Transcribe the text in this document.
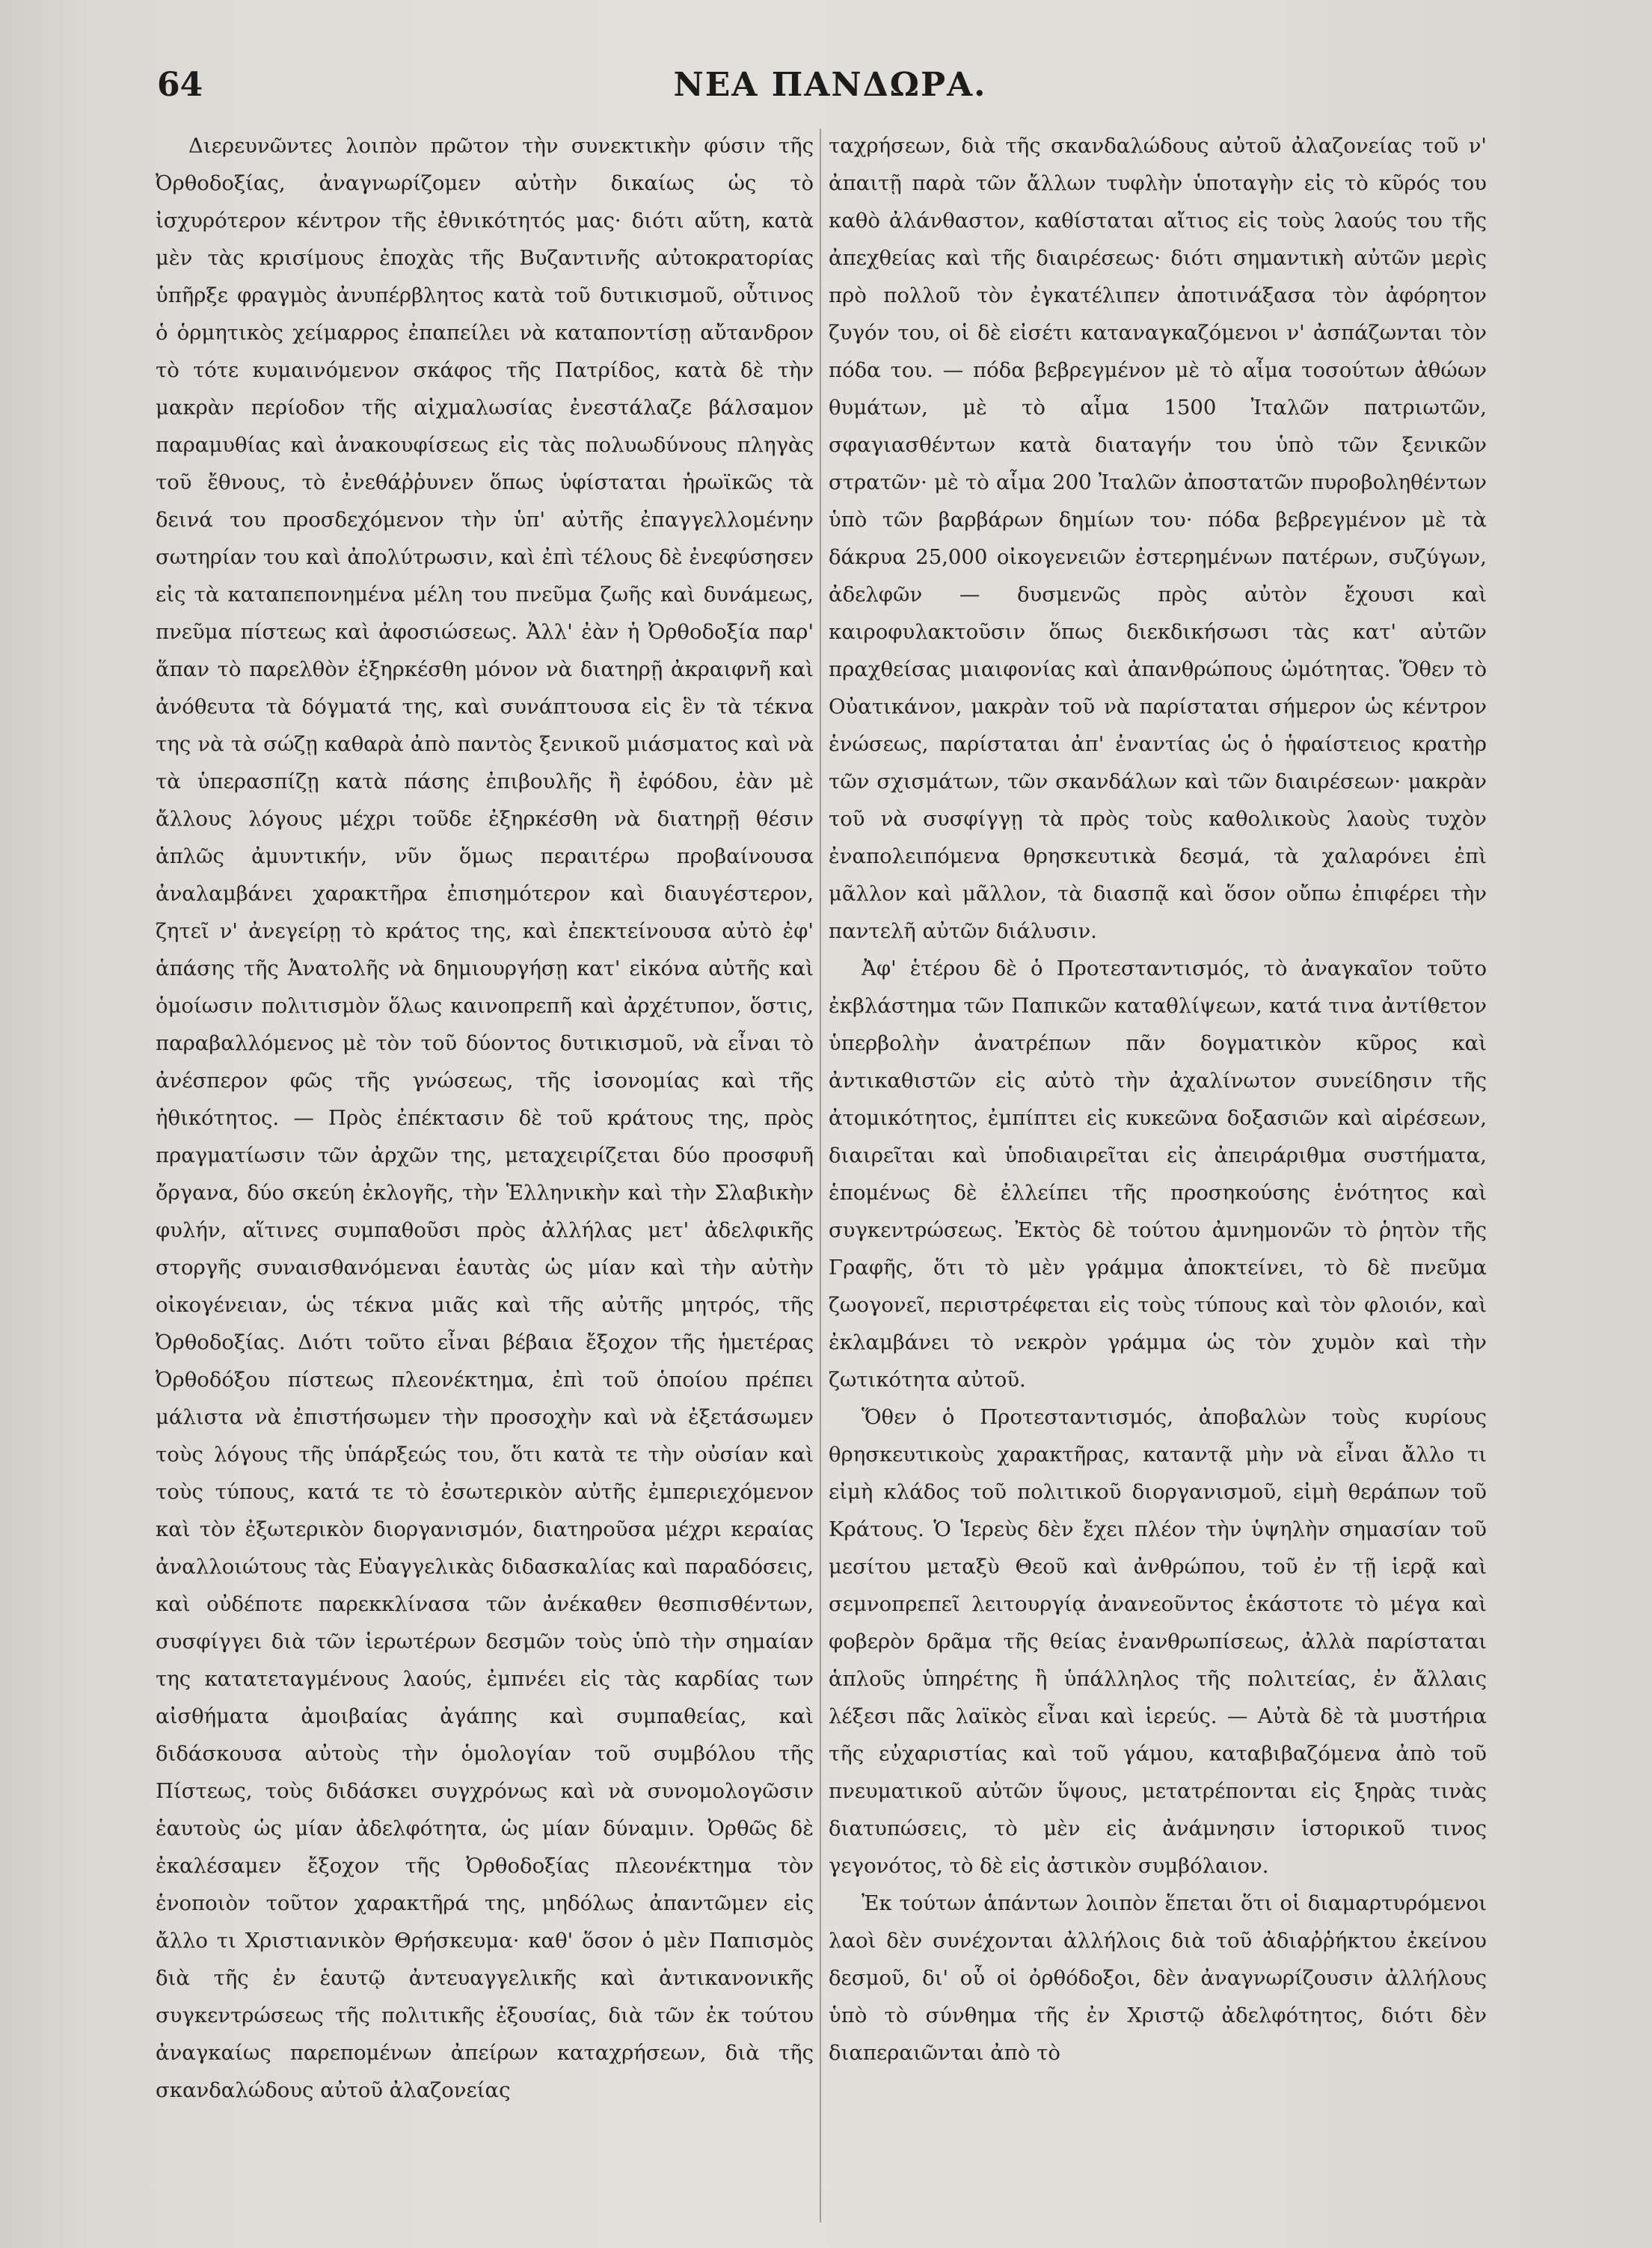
64	ΝΕΑ ΠΑΝΔΩΡΑ.

Διερευνῶντες λοιπὸν πρῶτον τὴν συνεκτικὴν φύσιν τῆς Ὀρθοδοξίας, ἀναγνωρίζομεν αὐτὴν δικαίως ὡς τὸ ἰσχυρότερον κέντρον τῆς ἐθνικότητός μας· διότι αὕτη, κατὰ μὲν τὰς κρισίμους ἐποχὰς τῆς Βυζαντινῆς αὐτοκρατορίας ὑπῆρξε φραγμὸς ἀνυπέρβλητος κατὰ τοῦ δυτικισμοῦ, οὗτινος ὁ ὁρμητικὸς χείμαρρος ἐπαπείλει νὰ καταποντίσῃ αὔτανδρον τὸ τότε κυμαινόμενον σκάφος τῆς Πατρίδος, κατὰ δὲ τὴν μακρὰν περίοδον τῆς αἰχμαλωσίας ἐνεστάλαζε βάλσαμον παραμυθίας καὶ ἀνακουφίσεως εἰς τὰς πολυωδύνους πληγὰς τοῦ ἔθνους, τὸ ἐνεθάῤῥυνεν ὅπως ὑφίσταται ἡρωϊκῶς τὰ δεινά του προσδεχόμενον τὴν ὑπ' αὐτῆς ἐπαγγελλομένην σωτηρίαν του καὶ ἀπολύτρωσιν, καὶ ἐπὶ τέλους δὲ ἐνεφύσησεν εἰς τὰ καταπεπονημένα μέλη του πνεῦμα ζωῆς καὶ δυνάμεως, πνεῦμα πίστεως καὶ ἀφοσιώσεως. Ἀλλ' ἐὰν ἡ Ὀρθοδοξία παρ' ἅπαν τὸ παρελθὸν ἐξηρκέσθη μόνον νὰ διατηρῇ ἀκραιφνῆ καὶ ἀνόθευτα τὰ δόγματά της, καὶ συνάπτουσα εἰς ἓν τὰ τέκνα της νὰ τὰ σώζῃ καθαρὰ ἀπὸ παντὸς ξενικοῦ μιάσματος καὶ νὰ τὰ ὑπερασπίζῃ κατὰ πάσης ἐπιβουλῆς ἢ ἐφόδου, ἐὰν μὲ ἄλλους λόγους μέχρι τοῦδε ἐξηρκέσθη νὰ διατηρῇ θέσιν ἁπλῶς ἀμυντικήν, νῦν ὅμως περαιτέρω προβαίνουσα ἀναλαμβάνει χαρακτῆρα ἐπισημότερον καὶ διαυγέστερον, ζητεῖ ν' ἀνεγείρῃ τὸ κράτος της, καὶ ἐπεκτείνουσα αὐτὸ ἐφ' ἁπάσης τῆς Ἀνατολῆς νὰ δημιουργήσῃ κατ' εἰκόνα αὐτῆς καὶ ὁμοίωσιν πολιτισμὸν ὅλως καινοπρεπῆ καὶ ἀρχέτυπον, ὅστις, παραβαλλόμενος μὲ τὸν τοῦ δύοντος δυτικισμοῦ, νὰ εἶναι τὸ ἀνέσπερον φῶς τῆς γνώσεως, τῆς ἰσονομίας καὶ τῆς ἠθικότητος. — Πρὸς ἐπέκτασιν δὲ τοῦ κράτους της, πρὸς πραγματίωσιν τῶν ἀρχῶν της, μεταχειρίζεται δύο προσφυῆ ὄργανα, δύο σκεύη ἐκλογῆς, τὴν Ἑλληνικὴν καὶ τὴν Σλαβικὴν φυλήν, αἵτινες συμπαθοῦσι πρὸς ἀλλήλας μετ' ἀδελφικῆς στοργῆς συναισθανόμεναι ἑαυτὰς ὡς μίαν καὶ τὴν αὐτὴν οἰκογένειαν, ὡς τέκνα μιᾶς καὶ τῆς αὐτῆς μητρός, τῆς Ὀρθοδοξίας. Διότι τοῦτο εἶναι βέβαια ἔξοχον τῆς ἡμετέρας Ὀρθοδόξου πίστεως πλεονέκτημα, ἐπὶ τοῦ ὁποίου πρέπει μάλιστα νὰ ἐπιστήσωμεν τὴν προσοχὴν καὶ νὰ ἐξετάσωμεν τοὺς λόγους τῆς ὑπάρξεώς του, ὅτι κατὰ τε τὴν οὐσίαν καὶ τοὺς τύπους, κατά τε τὸ ἐσωτερικὸν αὐτῆς ἐμπεριεχόμενον καὶ τὸν ἐξωτερικὸν διοργανισμόν, διατηροῦσα μέχρι κεραίας ἀναλλοιώτους τὰς Εὐαγγελικὰς διδασκαλίας καὶ παραδόσεις, καὶ οὐδέποτε παρεκκλίνασα τῶν ἀνέκαθεν θεσπισθέντων, συσφίγγει διὰ τῶν ἱερωτέρων δεσμῶν τοὺς ὑπὸ τὴν σημαίαν της κατατεταγμένους λαούς, ἐμπνέει εἰς τὰς καρδίας των αἰσθήματα ἀμοιβαίας ἀγάπης καὶ συμπαθείας, καὶ διδάσκουσα αὐτοὺς τὴν ὁμολογίαν τοῦ συμβόλου τῆς Πίστεως, τοὺς διδάσκει συγχρόνως καὶ νὰ συνομολογῶσιν ἑαυτοὺς ὡς μίαν ἀδελφότητα, ὡς μίαν δύναμιν. Ὀρθῶς δὲ ἐκαλέσαμεν ἔξοχον τῆς Ὀρθοδοξίας πλεονέκτημα τὸν ἑνοποιὸν τοῦτον χαρακτῆρά της, μηδόλως ἀπαντῶμεν εἰς ἄλλο τι Χριστιανικὸν Θρήσκευμα· καθ' ὅσον ὁ μὲν Παπισμὸς διὰ τῆς ἐν ἑαυτῷ ἀντευαγγελικῆς καὶ ἀντικανονικῆς συγκεντρώσεως τῆς πολιτικῆς ἐξουσίας, διὰ τῶν ἐκ τούτου ἀναγκαίως παρεπομένων ἀπείρων καταχρήσεων, διὰ τῆς σκανδαλώδους αὐτοῦ ἀλαζονείας

ταχρήσεων, διὰ τῆς σκανδαλώδους αὐτοῦ ἀλαζονείας τοῦ ν' ἀπαιτῇ παρὰ τῶν ἄλλων τυφλὴν ὑποταγὴν εἰς τὸ κῦρός του καθὸ ἀλάνθαστον, καθίσταται αἴτιος εἰς τοὺς λαούς του τῆς ἀπεχθείας καὶ τῆς διαιρέσεως· διότι σημαντικὴ αὐτῶν μερὶς πρὸ πολλοῦ τὸν ἐγκατέλιπεν ἀποτινάξασα τὸν ἀφόρητον ζυγόν του, οἱ δὲ εἰσέτι καταναγκαζόμενοι ν' ἀσπάζωνται τὸν πόδα του. — πόδα βεβρεγμένον μὲ τὸ αἷμα τοσούτων ἀθώων θυμάτων, μὲ τὸ αἷμα 1500 Ἰταλῶν πατριωτῶν, σφαγιασθέντων κατὰ διαταγήν του ὑπὸ τῶν ξενικῶν στρατῶν· μὲ τὸ αἷμα 200 Ἰταλῶν ἀποστατῶν πυροβοληθέντων ὑπὸ τῶν βαρβάρων δημίων του· πόδα βεβρεγμένον μὲ τὰ δάκρυα 25,000 οἰκογενειῶν ἐστερημένων πατέρων, συζύγων, ἀδελφῶν — δυσμενῶς πρὸς αὐτὸν ἔχουσι καὶ καιροφυλακτοῦσιν ὅπως διεκδικήσωσι τὰς κατ' αὐτῶν πραχθείσας μιαιφονίας καὶ ἀπανθρώπους ὠμότητας. Ὅθεν τὸ Οὐατικάνον, μακρὰν τοῦ νὰ παρίσταται σήμερον ὡς κέντρον ἑνώσεως, παρίσταται ἀπ' ἐναντίας ὡς ὁ ἡφαίστειος κρατὴρ τῶν σχισμάτων, τῶν σκανδάλων καὶ τῶν διαιρέσεων· μακρὰν τοῦ νὰ συσφίγγῃ τὰ πρὸς τοὺς καθολικοὺς λαοὺς τυχὸν ἐναπολειπόμενα θρησκευτικὰ δεσμά, τὰ χαλαρόνει ἐπὶ μᾶλλον καὶ μᾶλλον, τὰ διασπᾷ καὶ ὅσον οὔπω ἐπιφέρει τὴν παντελῆ αὐτῶν διάλυσιν.

Ἀφ' ἑτέρου δὲ ὁ Προτεσταντισμός, τὸ ἀναγκαῖον τοῦτο ἐκβλάστημα τῶν Παπικῶν καταθλίψεων, κατά τινα ἀντίθετον ὑπερβολὴν ἀνατρέπων πᾶν δογματικὸν κῦρος καὶ ἀντικαθιστῶν εἰς αὐτὸ τὴν ἀχαλίνωτον συνείδησιν τῆς ἀτομικότητος, ἐμπίπτει εἰς κυκεῶνα δοξασιῶν καὶ αἱρέσεων, διαιρεῖται καὶ ὑποδιαιρεῖται εἰς ἀπειράριθμα συστήματα, ἑπομένως δὲ ἐλλείπει τῆς προσηκούσης ἑνότητος καὶ συγκεντρώσεως. Ἐκτὸς δὲ τούτου ἀμνημονῶν τὸ ῥητὸν τῆς Γραφῆς, ὅτι τὸ μὲν γράμμα ἀποκτείνει, τὸ δὲ πνεῦμα ζωογονεῖ, περιστρέφεται εἰς τοὺς τύπους καὶ τὸν φλοιόν, καὶ ἐκλαμβάνει τὸ νεκρὸν γράμμα ὡς τὸν χυμὸν καὶ τὴν ζωτικότητα αὐτοῦ.

Ὅθεν ὁ Προτεσταντισμός, ἀποβαλὼν τοὺς κυρίους θρησκευτικοὺς χαρακτῆρας, καταντᾷ μὴν νὰ εἶναι ἄλλο τι εἰμὴ κλάδος τοῦ πολιτικοῦ διοργανισμοῦ, εἰμὴ θεράπων τοῦ Κράτους. Ὁ Ἱερεὺς δὲν ἔχει πλέον τὴν ὑψηλὴν σημασίαν τοῦ μεσίτου μεταξὺ Θεοῦ καὶ ἀνθρώπου, τοῦ ἐν τῇ ἱερᾷ καὶ σεμνοπρεπεῖ λειτουργίᾳ ἀνανεοῦντος ἑκάστοτε τὸ μέγα καὶ φοβερὸν δρᾶμα τῆς θείας ἐνανθρωπίσεως, ἀλλὰ παρίσταται ἁπλοῦς ὑπηρέτης ἢ ὑπάλληλος τῆς πολιτείας, ἐν ἄλλαις λέξεσι πᾶς λαϊκὸς εἶναι καὶ ἱερεύς. — Αὐτὰ δὲ τὰ μυστήρια τῆς εὐχαριστίας καὶ τοῦ γάμου, καταβιβαζόμενα ἀπὸ τοῦ πνευματικοῦ αὐτῶν ὕψους, μετατρέπονται εἰς ξηρὰς τινὰς διατυπώσεις, τὸ μὲν εἰς ἀνάμνησιν ἱστορικοῦ τινος γεγονότος, τὸ δὲ εἰς ἀστικὸν συμβόλαιον.

Ἐκ τούτων ἁπάντων λοιπὸν ἕπεται ὅτι οἱ διαμαρτυρόμενοι λαοὶ δὲν συνέχονται ἀλλήλοις διὰ τοῦ ἀδιαῤῥήκτου ἐκείνου δεσμοῦ, δι' οὗ οἱ ὀρθόδοξοι, δὲν ἀναγνωρίζουσιν ἀλλήλους ὑπὸ τὸ σύνθημα τῆς ἐν Χριστῷ ἀδελφότητος, διότι δὲν διαπεραιῶνται ἀπὸ τὸ
